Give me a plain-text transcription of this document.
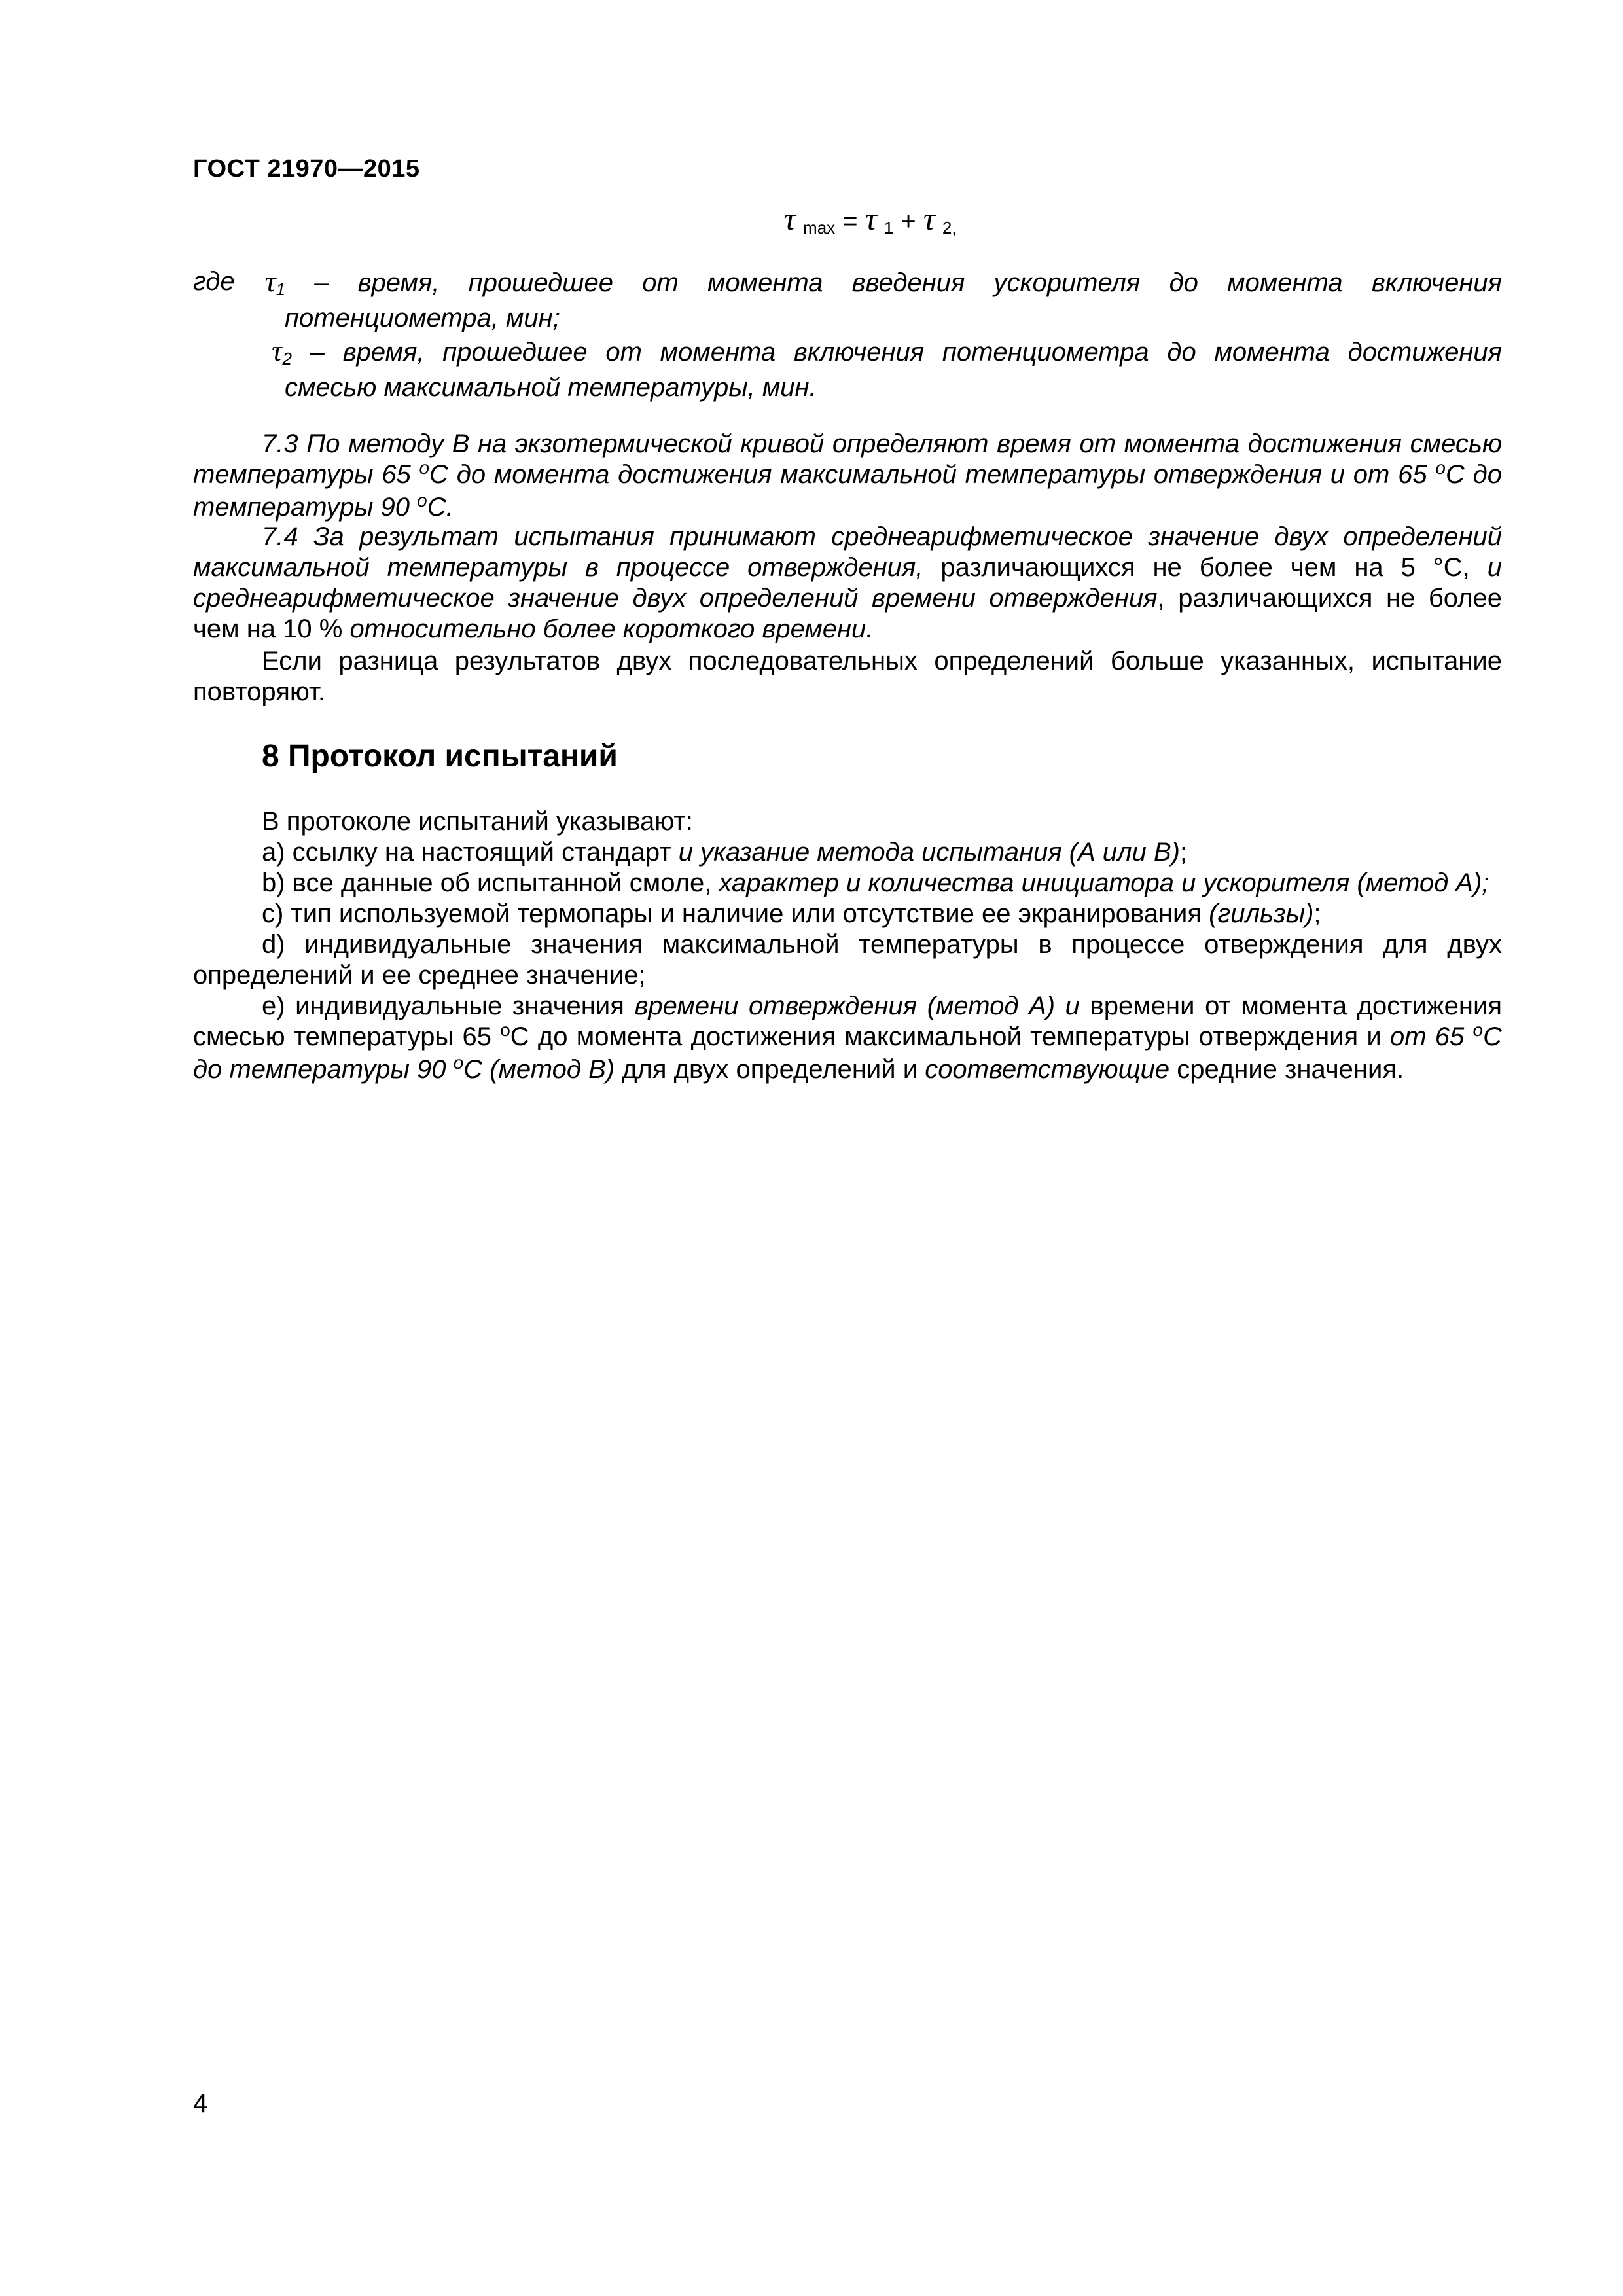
ГОСТ 21970—2015
τ max = τ 1 + τ 2,
где	τ1 – время, прошедшее от момента введения ускорителя до момента включения
потенциометра, мин;
τ2 – время, прошедшее от момента включения потенциометра до момента достижения
смесью максимальной температуры, мин.
7.3 По методу В на экзотермической кривой определяют время от момента достижения смесью температуры 65 $^o$С до момента достижения максимальной температуры отверждения и от 65 $^o$С до температуры 90 $^o$С.
7.4 За результат испытания принимают среднеарифметическое значение двух определений максимальной температуры в процессе отверждения, различающихся не более чем на 5 °С, и среднеарифметическое значение двух определений времени отверждения, различающихся не более чем на 10 % относительно более короткого времени.
Если разница результатов двух последовательных определений больше указанных, испытание повторяют.
8 Протокол испытаний
В протоколе испытаний указывают:
а) ссылку на настоящий стандарт и указание метода испытания (А или В);
b) все данные об испытанной смоле, характер и количества инициатора и ускорителя (метод А);
с) тип используемой термопары и наличие или отсутствие ее экранирования (гильзы);
d) индивидуальные значения максимальной температуры в процессе отверждения для двух определений и ее среднее значение;
е) индивидуальные значения времени отверждения (метод А) и времени от момента достижения смесью температуры 65 $^o$С до момента достижения максимальной температуры отверждения и от 65 $^o$С до температуры 90 $^o$С (метод В) для двух определений и соответствующие средние значения.
4
